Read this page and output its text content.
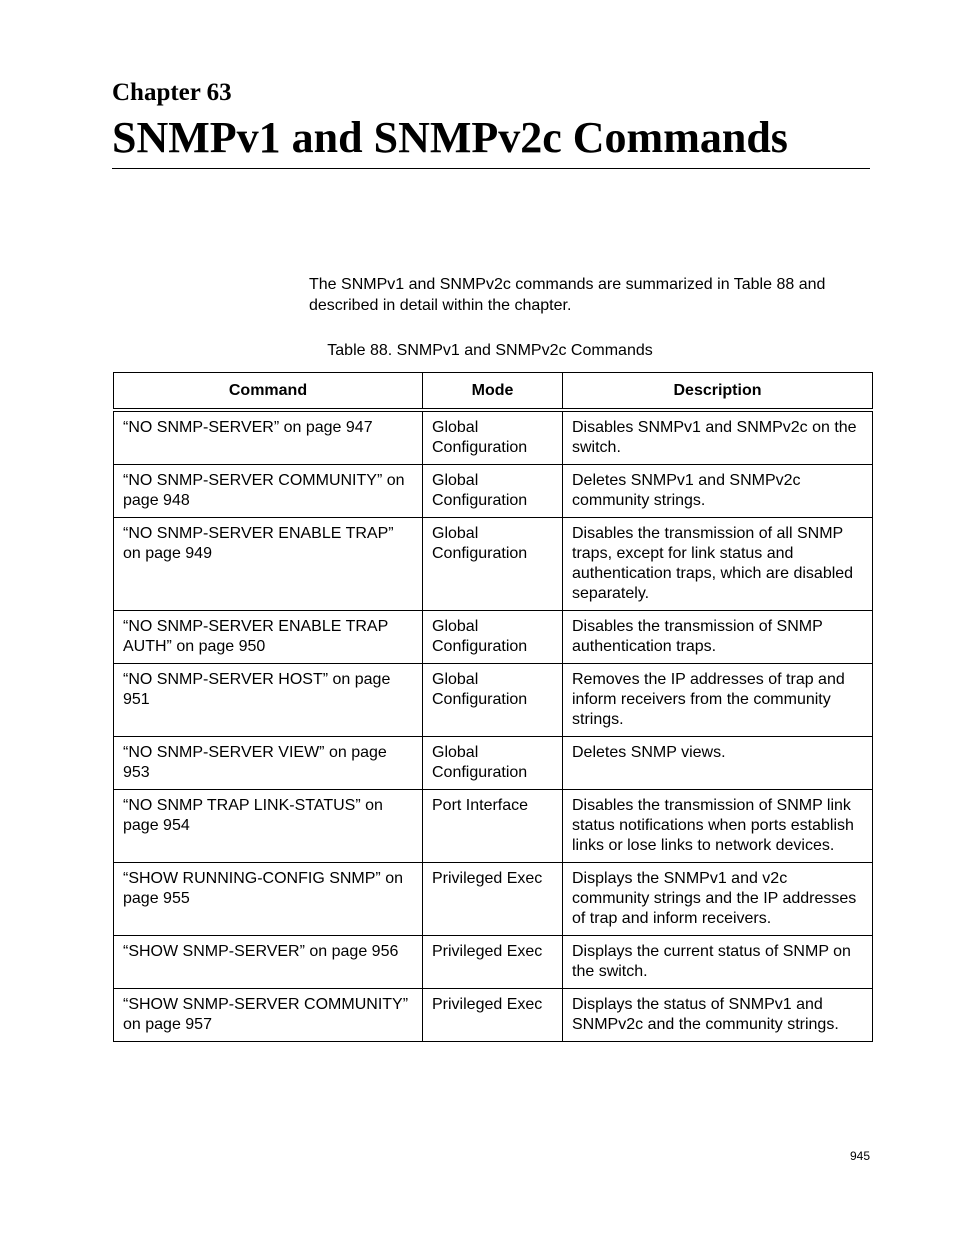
Chapter 63
SNMPv1 and SNMPv2c Commands

The SNMPv1 and SNMPv2c commands are summarized in Table 88 and described in detail within the chapter.

Table 88. SNMPv1 and SNMPv2c Commands

Command	Mode	Description
“NO SNMP-SERVER” on page 947	Global Configuration	Disables SNMPv1 and SNMPv2c on the switch.
“NO SNMP-SERVER COMMUNITY” on page 948	Global Configuration	Deletes SNMPv1 and SNMPv2c community strings.
“NO SNMP-SERVER ENABLE TRAP” on page 949	Global Configuration	Disables the transmission of all SNMP traps, except for link status and authentication traps, which are disabled separately.
“NO SNMP-SERVER ENABLE TRAP AUTH” on page 950	Global Configuration	Disables the transmission of SNMP authentication traps.
“NO SNMP-SERVER HOST” on page 951	Global Configuration	Removes the IP addresses of trap and inform receivers from the community strings.
“NO SNMP-SERVER VIEW” on page 953	Global Configuration	Deletes SNMP views.
“NO SNMP TRAP LINK-STATUS” on page 954	Port Interface	Disables the transmission of SNMP link status notifications when ports establish links or lose links to network devices.
“SHOW RUNNING-CONFIG SNMP” on page 955	Privileged Exec	Displays the SNMPv1 and v2c community strings and the IP addresses of trap and inform receivers.
“SHOW SNMP-SERVER” on page 956	Privileged Exec	Displays the current status of SNMP on the switch.
“SHOW SNMP-SERVER COMMUNITY” on page 957	Privileged Exec	Displays the status of SNMPv1 and SNMPv2c and the community strings.

945
